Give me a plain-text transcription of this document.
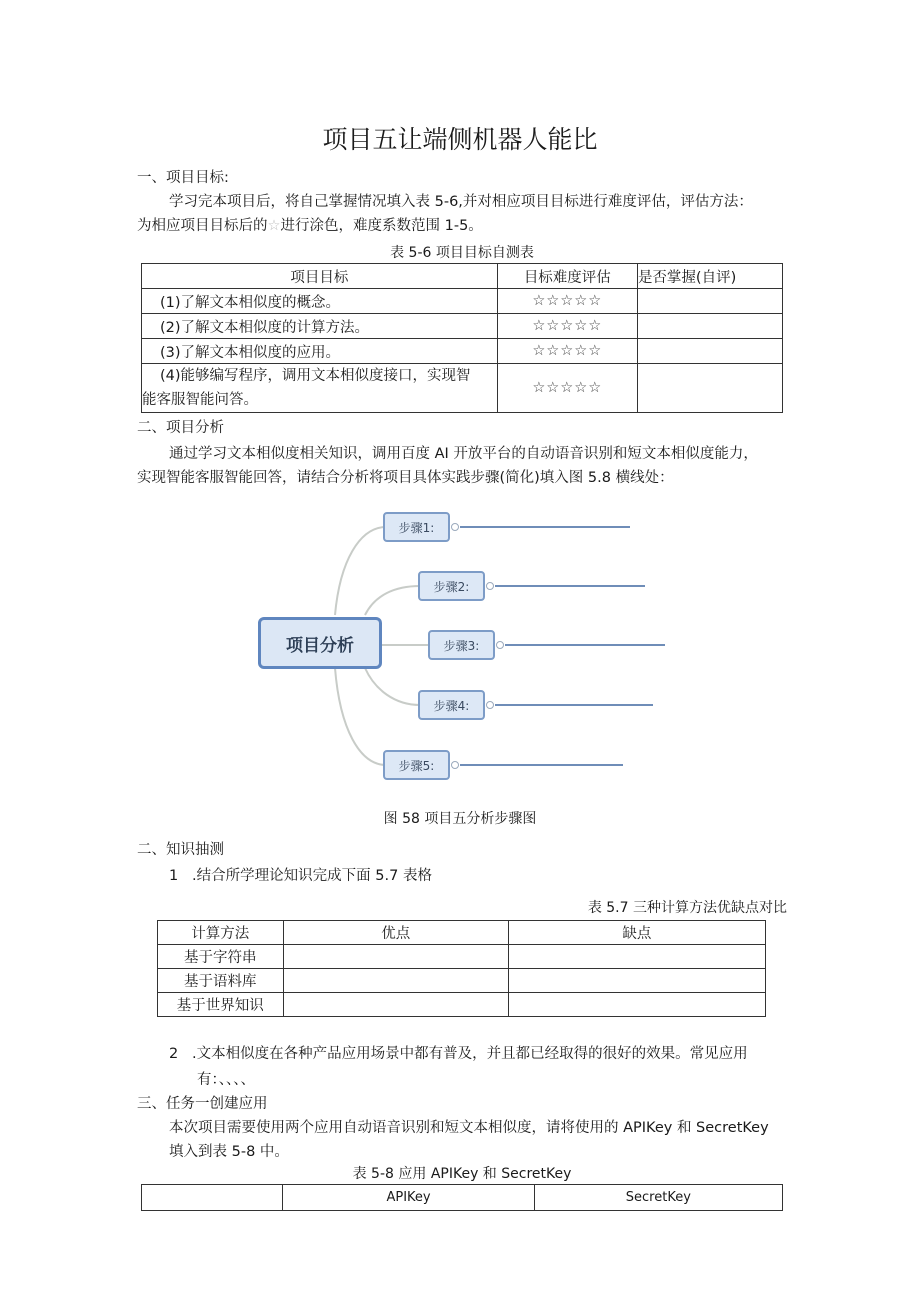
项目五让端侧机器人能比
一、项目目标:
学习完本项目后，将自己掌握情况填入表 5-6,并对相应项目目标进行难度评估，评估方法：
为相应项目目标后的☆进行涂色，难度系数范围 1-5。
表 5-6 项目目标自测表
项目目标	目标难度评估	是否掌握(自评)
(1)了解文本相似度的概念。	☆☆☆☆☆	
(2)了解文本相似度的计算方法。	☆☆☆☆☆	
(3)了解文本相似度的应用。	☆☆☆☆☆	

(4)能够编写程序，调用文本相似度接口，实现智
能客服智能问答。	☆☆☆☆☆	
二、项目分析
通过学习文本相似度相关知识，调用百度 AI 开放平台的自动语音识别和短文本相似度能力，
实现智能客服智能回答，请结合分析将项目具体实践步骤(简化)填入图 5.8 横线处：
项目分析
步骤1:
步骤2:
步骤3:
步骤4:
步骤5:
图 58 项目五分析步骤图
二、知识抽测
1   .结合所学理论知识完成下面 5.7 表格
表 5.7 三种计算方法优缺点对比
计算方法	优点	缺点
基于字符串		
基于语料库		
基于世界知识		
2   .文本相似度在各种产品应用场景中都有普及，并且都已经取得的很好的效果。常见应用
有：、、、、
三、任务一创建应用
本次项目需要使用两个应用自动语音识别和短文本相似度，请将使用的 APIKey 和 SecretKey
填入到表 5-8 中。
表 5-8 应用 APIKey 和 SecretKey
	APIKey	SecretKey
